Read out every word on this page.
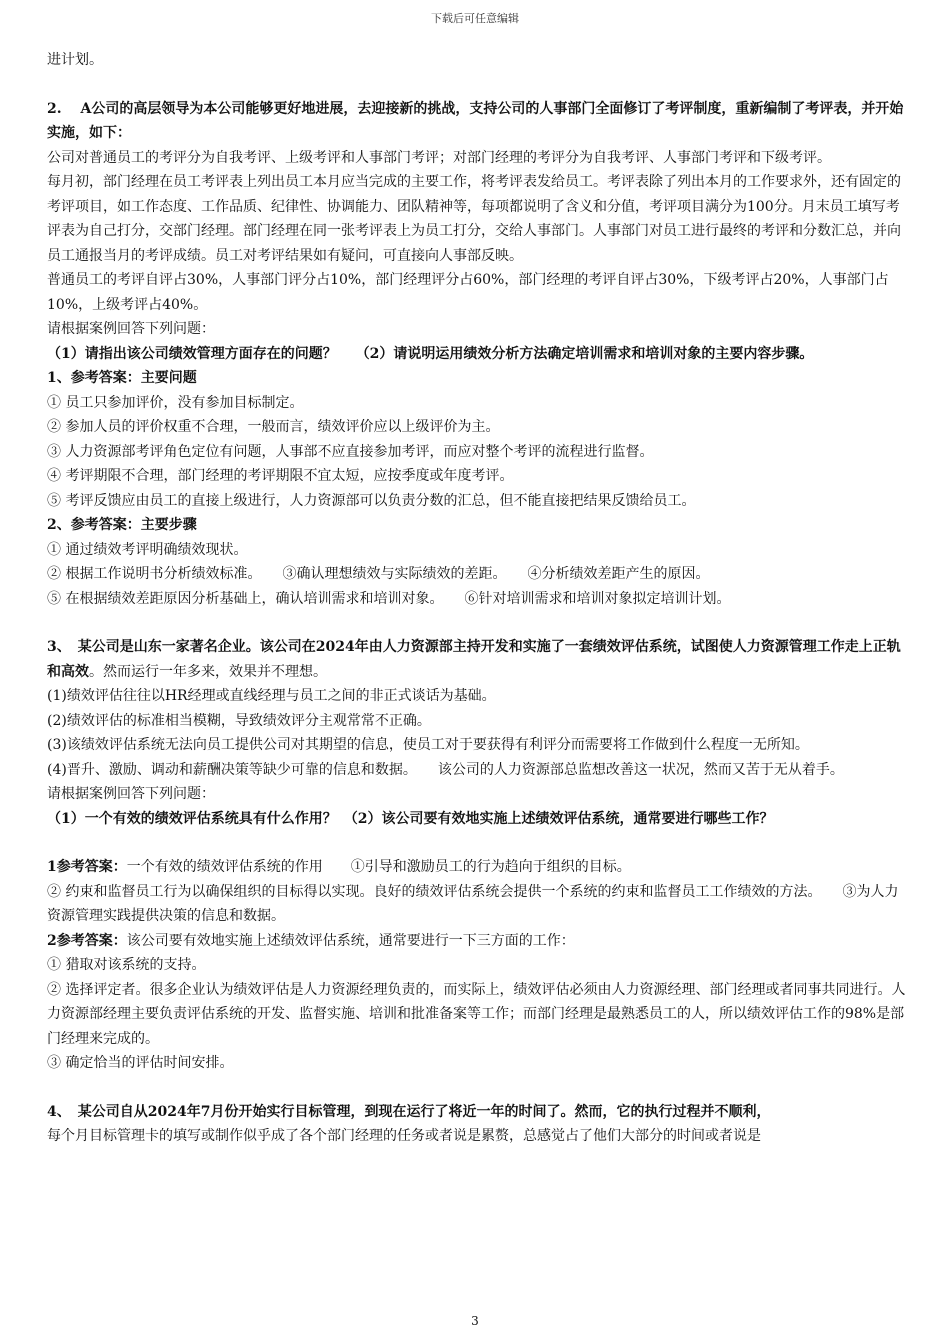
下载后可任意编辑

进计划。

2.　 A公司的高层领导为本公司能够更好地进展，去迎接新的挑战，支持公司的人事部门全面修订了考评制度，重新编制了考评表，并开始实施，如下：

公司对普通员工的考评分为自我考评、上级考评和人事部门考评；对部门经理的考评分为自我考评、人事部门考评和下级考评。

每月初，部门经理在员工考评表上列出员工本月应当完成的主要工作，将考评表发给员工。考评表除了列出本月的工作要求外，还有固定的考评项目，如工作态度、工作品质、纪律性、协调能力、团队精神等，每项都说明了含义和分值，考评项目满分为100分。月末员工填写考评表为自己打分，交部门经理。部门经理在同一张考评表上为员工打分，交给人事部门。人事部门对员工进行最终的考评和分数汇总，并向员工通报当月的考评成绩。员工对考评结果如有疑问，可直接向人事部反映。

普通员工的考评自评占30%，人事部门评分占10%，部门经理评分占60%，部门经理的考评自评占30%，下级考评占20%，人事部门占10%，上级考评占40%。

请根据案例回答下列问题：

（1）请指出该公司绩效管理方面存在的问题？　 （2）请说明运用绩效分析方法确定培训需求和培训对象的主要内容步骤。

1、参考答案：主要问题

① 员工只参加评价，没有参加目标制定。

② 参加人员的评价权重不合理，一般而言，绩效评价应以上级评价为主。

③ 人力资源部考评角色定位有问题，人事部不应直接参加考评，而应对整个考评的流程进行监督。

④ 考评期限不合理，部门经理的考评期限不宜太短，应按季度或年度考评。

⑤ 考评反馈应由员工的直接上级进行，人力资源部可以负责分数的汇总，但不能直接把结果反馈给员工。

2、参考答案：主要步骤

① 通过绩效考评明确绩效现状。

② 根据工作说明书分析绩效标准。　　③确认理想绩效与实际绩效的差距。　　④分析绩效差距产生的原因。

⑤ 在根据绩效差距原因分析基础上，确认培训需求和培训对象。　　⑥针对培训需求和培训对象拟定培训计划。

3、　某公司是山东一家著名企业。该公司在2024年由人力资源部主持开发和实施了一套绩效评估系统，试图使人力资源管理工作走上正轨和高效。然而运行一年多来，效果并不理想。

(1)绩效评估往往以HR经理或直线经理与员工之间的非正式谈话为基础。

(2)绩效评估的标准相当模糊，导致绩效评分主观常常不正确。

(3)该绩效评估系统无法向员工提供公司对其期望的信息，使员工对于要获得有利评分而需要将工作做到什么程度一无所知。

(4)晋升、激励、调动和薪酬决策等缺少可靠的信息和数据。　　该公司的人力资源部总监想改善这一状况，然而又苦于无从着手。

请根据案例回答下列问题：

（1）一个有效的绩效评估系统具有什么作用？　（2）该公司要有效地实施上述绩效评估系统，通常要进行哪些工作？

1参考答案：一个有效的绩效评估系统的作用　　①引导和激励员工的行为趋向于组织的目标。

② 约束和监督员工行为以确保组织的目标得以实现。良好的绩效评估系统会提供一个系统的约束和监督员工工作绩效的方法。　　③为人力资源管理实践提供决策的信息和数据。

2参考答案：该公司要有效地实施上述绩效评估系统，通常要进行一下三方面的工作：

① 猎取对该系统的支持。

② 选择评定者。很多企业认为绩效评估是人力资源经理负责的，而实际上，绩效评估必须由人力资源经理、部门经理或者同事共同进行。人力资源部经理主要负责评估系统的开发、监督实施、培训和批准备案等工作；而部门经理是最熟悉员工的人，所以绩效评估工作的98%是部门经理来完成的。

③ 确定恰当的评估时间安排。

4、　某公司自从2024年7月份开始实行目标管理，到现在运行了将近一年的时间了。然而，它的执行过程并不顺利，

每个月目标管理卡的填写或制作似乎成了各个部门经理的任务或者说是累赘，总感觉占了他们大部分的时间或者说是

3
